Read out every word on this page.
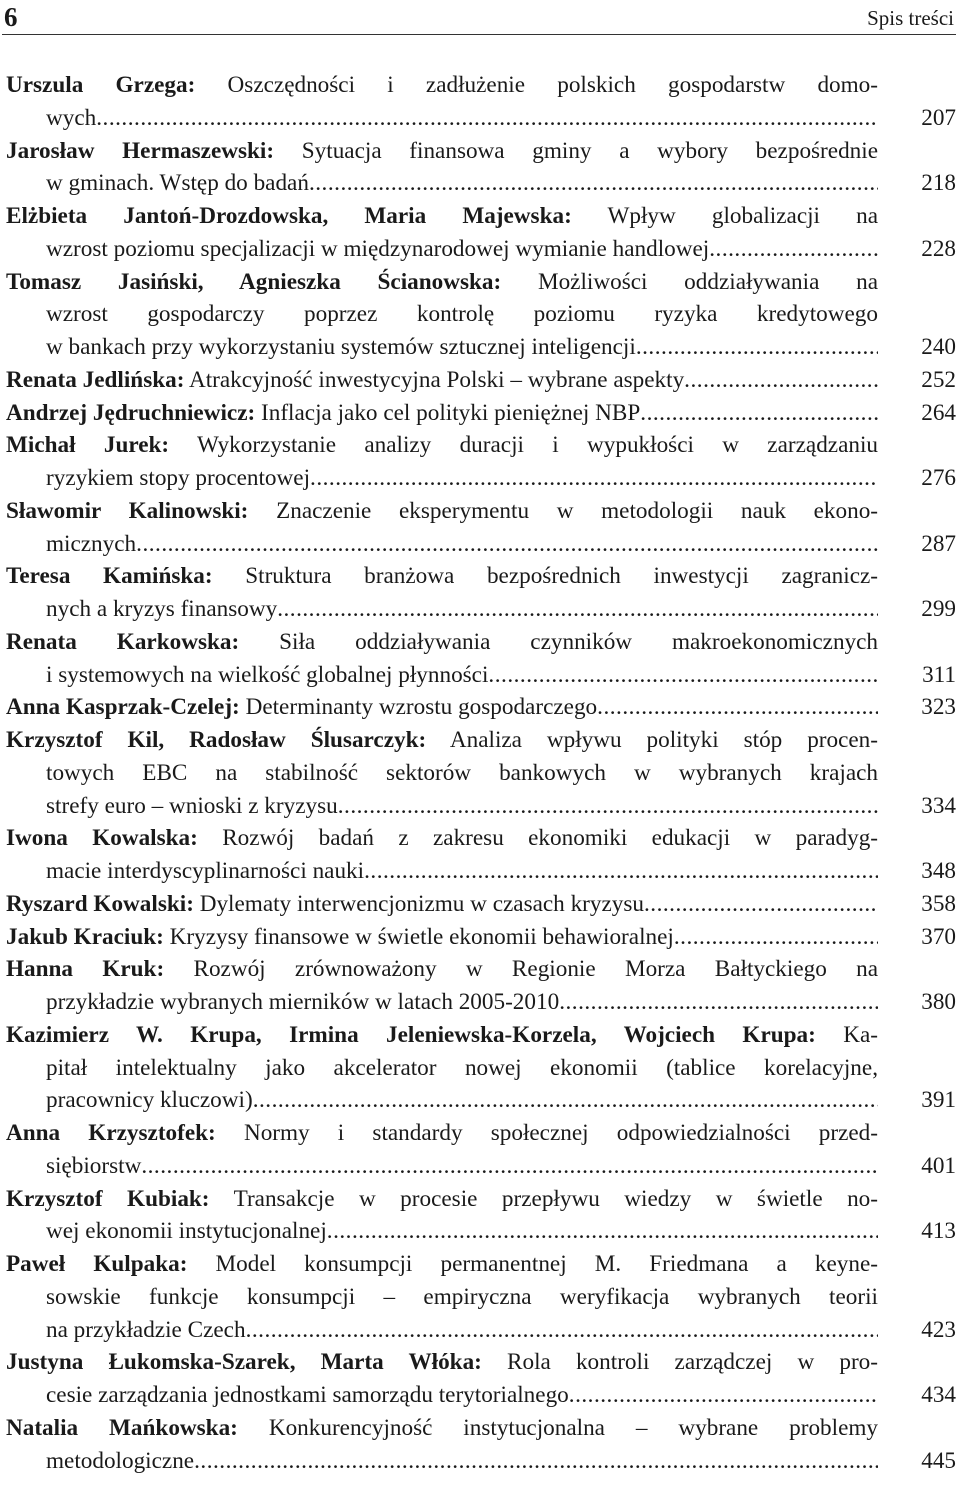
6	Spis treści
Urszula Grzega: Oszczędności i zadłużenie polskich gospodarstw domo-
wych .....	207
Jarosław Hermaszewski: Sytuacja finansowa gminy a wybory bezpośrednie
w gminach. Wstęp do badań .....	218
Elżbieta Jantoń-Drozdowska, Maria Majewska: Wpływ globalizacji na
wzrost poziomu specjalizacji w międzynarodowej wymianie handlowej .....	228
Tomasz Jasiński, Agnieszka Ścianowska: Możliwości oddziaływania na
wzrost gospodarczy poprzez kontrolę poziomu ryzyka kredytowego
w bankach przy wykorzystaniu systemów sztucznej inteligencji .....	240
Renata Jedlińska: Atrakcyjność inwestycyjna Polski – wybrane aspekty .....	252
Andrzej Jędruchniewicz: Inflacja jako cel polityki pieniężnej NBP .....	264
Michał Jurek: Wykorzystanie analizy duracji i wypukłości w zarządzaniu
ryzykiem stopy procentowej .....	276
Sławomir Kalinowski: Znaczenie eksperymentu w metodologii nauk ekono-
micznych .....	287
Teresa Kamińska: Struktura branżowa bezpośrednich inwestycji zagranicz-
nych a kryzys finansowy .....	299
Renata Karkowska: Siła oddziaływania czynników makroekonomicznych
i systemowych na wielkość globalnej płynności .....	311
Anna Kasprzak-Czelej: Determinanty wzrostu gospodarczego .....	323
Krzysztof Kil, Radosław Ślusarczyk: Analiza wpływu polityki stóp procen-
towych EBC na stabilność sektorów bankowych w wybranych krajach
strefy euro – wnioski z kryzysu .....	334
Iwona Kowalska: Rozwój badań z zakresu ekonomiki edukacji w paradyg-
macie interdyscyplinarności nauki .....	348
Ryszard Kowalski: Dylematy interwencjonizmu w czasach kryzysu .....	358
Jakub Kraciuk: Kryzysy finansowe w świetle ekonomii behawioralnej .....	370
Hanna Kruk: Rozwój zrównoważony w Regionie Morza Bałtyckiego na
przykładzie wybranych mierników w latach 2005-2010 .....	380
Kazimierz W. Krupa, Irmina Jeleniewska-Korzela, Wojciech Krupa: Ka-
pitał intelektualny jako akcelerator nowej ekonomii (tablice korelacyjne,
pracownicy kluczowi) .....	391
Anna Krzysztofek: Normy i standardy społecznej odpowiedzialności przed-
siębiorstw .....	401
Krzysztof Kubiak: Transakcje w procesie przepływu wiedzy w świetle no-
wej ekonomii instytucjonalnej .....	413
Paweł Kulpaka: Model konsumpcji permanentnej M. Friedmana a keyne-
sowskie funkcje konsumpcji – empiryczna weryfikacja wybranych teorii
na przykładzie Czech .....	423
Justyna Łukomska-Szarek, Marta Włóka: Rola kontroli zarządczej w pro-
cesie zarządzania jednostkami samorządu terytorialnego .....	434
Natalia Mańkowska: Konkurencyjność instytucjonalna – wybrane problemy
metodologiczne .....	445
